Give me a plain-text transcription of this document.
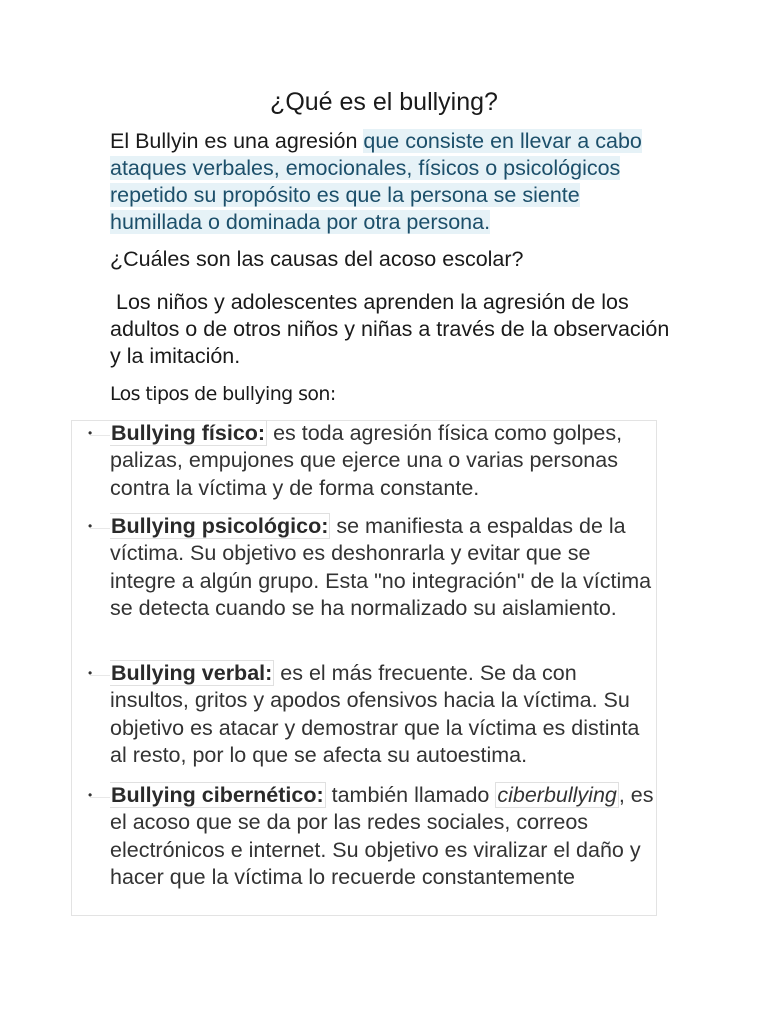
¿Qué es el bullying?

El Bullyin es una agresión que consiste en llevar a cabo ataques verbales, emocionales, físicos o psicológicos repetido su propósito es que la persona se siente humillada o dominada por otra persona.

¿Cuáles son las causas del acoso escolar?

Los niños y adolescentes aprenden la agresión de los adultos o de otros niños y niñas a través de la observación y la imitación.

Los tipos de bullying son:
• Bullying físico: es toda agresión física como golpes, palizas, empujones que ejerce una o varias personas contra la víctima y de forma constante.
• Bullying psicológico: se manifiesta a espaldas de la víctima. Su objetivo es deshonrarla y evitar que se integre a algún grupo. Esta "no integración" de la víctima se detecta cuando se ha normalizado su aislamiento.
• Bullying verbal: es el más frecuente. Se da con insultos, gritos y apodos ofensivos hacia la víctima. Su objetivo es atacar y demostrar que la víctima es distinta al resto, por lo que se afecta su autoestima.
• Bullying cibernético: también llamado ciberbullying, es el acoso que se da por las redes sociales, correos electrónicos e internet. Su objetivo es viralizar el daño y hacer que la víctima lo recuerde constantemente
